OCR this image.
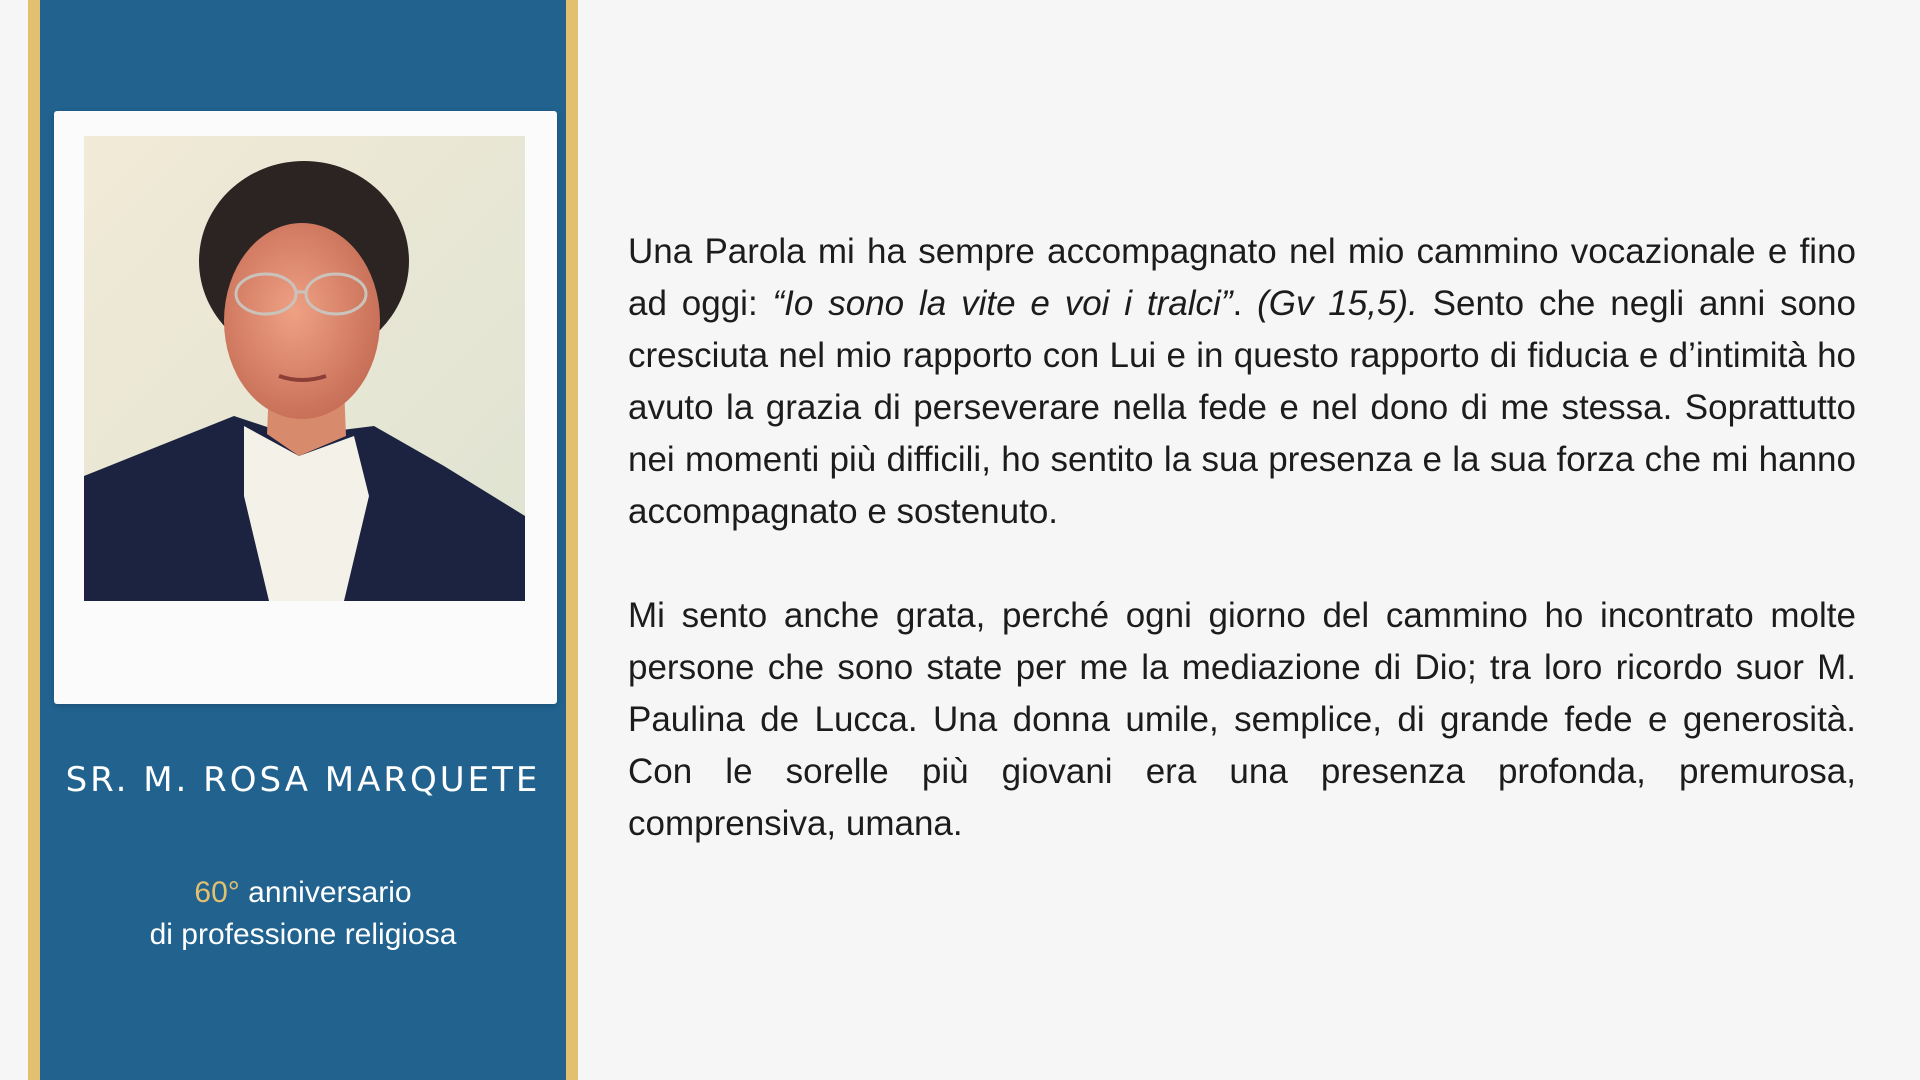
SR. M. ROSA MARQUETE
60° anniversario
di professione religiosa

Una Parola mi ha sempre accompagnato nel mio cammino vocazionale e fino ad oggi: “Io sono la vite e voi i tralci”. (Gv 15,5). Sento che negli anni sono cresciuta nel mio rapporto con Lui e in questo rapporto di fiducia e d’intimità ho avuto la grazia di perseverare nella fede e nel dono di me stessa. Soprattutto nei momenti più difficili, ho sentito la sua presenza e la sua forza che mi hanno accompagnato e sostenuto.

Mi sento anche grata, perché ogni giorno del cammino ho incontrato molte persone che sono state per me la mediazione di Dio; tra loro ricordo suor M. Paulina de Lucca. Una donna umile, semplice, di grande fede e generosità. Con le sorelle più giovani era una presenza profonda, premurosa, comprensiva, umana.
